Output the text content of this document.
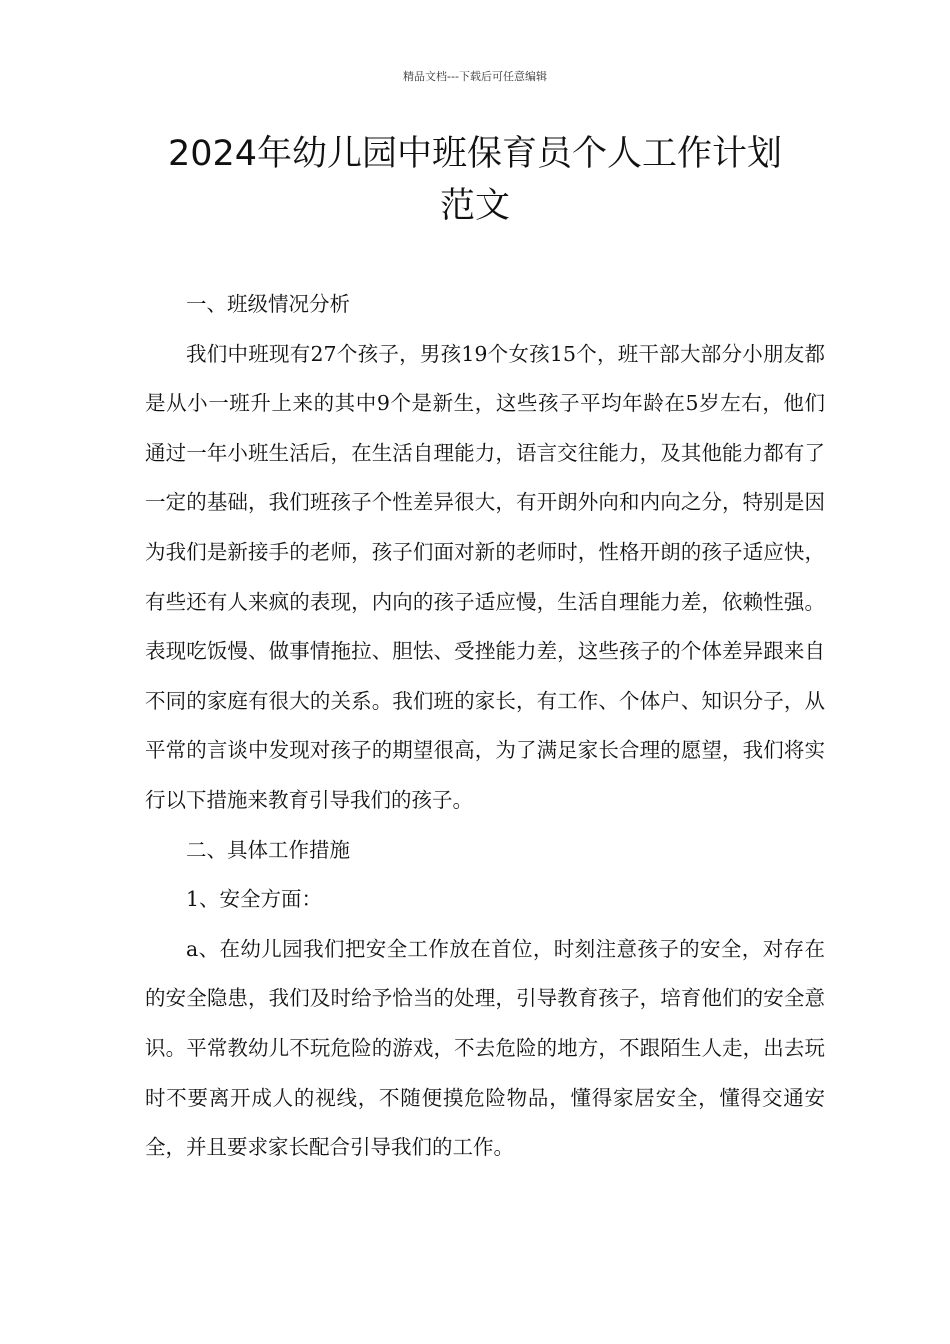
精品文档---下载后可任意编辑
2024年幼儿园中班保育员个人工作计划
范文

一、班级情况分析

我们中班现有27个孩子，男孩19个女孩15个，班干部大部分小朋友都是从小一班升上来的其中9个是新生，这些孩子平均年龄在5岁左右，他们通过一年小班生活后，在生活自理能力，语言交往能力，及其他能力都有了一定的基础，我们班孩子个性差异很大，有开朗外向和内向之分，特别是因为我们是新接手的老师，孩子们面对新的老师时，性格开朗的孩子适应快，有些还有人来疯的表现，内向的孩子适应慢，生活自理能力差，依赖性强。表现吃饭慢、做事情拖拉、胆怯、受挫能力差，这些孩子的个体差异跟来自不同的家庭有很大的关系。我们班的家长，有工作、个体户、知识分子，从平常的言谈中发现对孩子的期望很高，为了满足家长合理的愿望，我们将实行以下措施来教育引导我们的孩子。

二、具体工作措施

1、安全方面：

a、在幼儿园我们把安全工作放在首位，时刻注意孩子的安全，对存在的安全隐患，我们及时给予恰当的处理，引导教育孩子，培育他们的安全意识。平常教幼儿不玩危险的游戏，不去危险的地方，不跟陌生人走，出去玩时不要离开成人的视线，不随便摸危险物品，懂得家居安全，懂得交通安全，并且要求家长配合引导我们的工作。
